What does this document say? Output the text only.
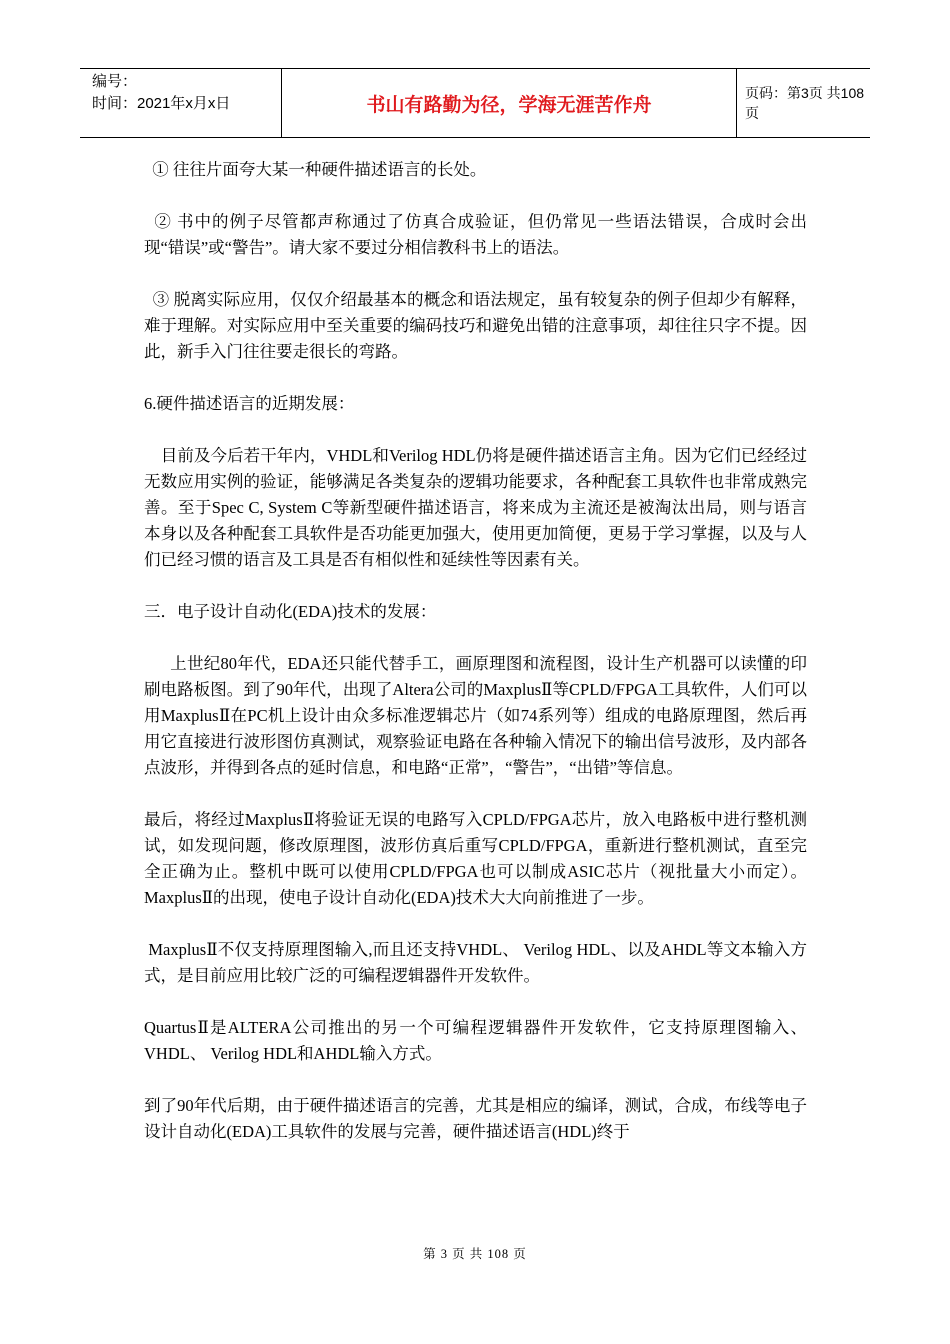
编号：
时间：2021年x月x日	书山有路勤为径，学海无涯苦作舟
页码：第3页 共108页

① 往往片面夸大某一种硬件描述语言的长处。

② 书中的例子尽管都声称通过了仿真合成验证，但仍常见一些语法错误，合成时会出现“错误”或“警告”。请大家不要过分相信教科书上的语法。

③ 脱离实际应用，仅仅介绍最基本的概念和语法规定，虽有较复杂的例子但却少有解释，难于理解。对实际应用中至关重要的编码技巧和避免出错的注意事项，却往往只字不提。因此，新手入门往往要走很长的弯路。

6.硬件描述语言的近期发展：

目前及今后若干年内，VHDL和Verilog HDL仍将是硬件描述语言主角。因为它们已经经过无数应用实例的验证，能够满足各类复杂的逻辑功能要求，各种配套工具软件也非常成熟完善。至于Spec C, System C等新型硬件描述语言，将来成为主流还是被淘汰出局，则与语言本身以及各种配套工具软件是否功能更加强大，使用更加简便，更易于学习掌握，以及与人们已经习惯的语言及工具是否有相似性和延续性等因素有关。

三．电子设计自动化(EDA)技术的发展：

上世纪80年代，EDA还只能代替手工，画原理图和流程图，设计生产机器可以读懂的印刷电路板图。到了90年代，出现了Altera公司的MaxplusⅡ等CPLD/FPGA工具软件，人们可以用MaxplusⅡ在PC机上设计由众多标准逻辑芯片（如74系列等）组成的电路原理图，然后再用它直接进行波形图仿真测试，观察验证电路在各种输入情况下的输出信号波形，及内部各点波形，并得到各点的延时信息，和电路“正常”，“警告”，“出错”等信息。

最后，将经过MaxplusⅡ将验证无误的电路写入CPLD/FPGA芯片，放入电路板中进行整机测试，如发现问题，修改原理图，波形仿真后重写CPLD/FPGA，重新进行整机测试，直至完全正确为止。整机中既可以使用CPLD/FPGA也可以制成ASIC芯片（视批量大小而定）。MaxplusⅡ的出现，使电子设计自动化(EDA)技术大大向前推进了一步。

MaxplusⅡ不仅支持原理图输入,而且还支持VHDL、 Verilog HDL、以及AHDL等文本输入方式，是目前应用比较广泛的可编程逻辑器件开发软件。

QuartusⅡ是ALTERA公司推出的另一个可编程逻辑器件开发软件，它支持原理图输入、VHDL、 Verilog HDL和AHDL输入方式。

到了90年代后期，由于硬件描述语言的完善，尤其是相应的编译，测试，合成，布线等电子设计自动化(EDA)工具软件的发展与完善，硬件描述语言(HDL)终于

第 3 页 共 108 页
